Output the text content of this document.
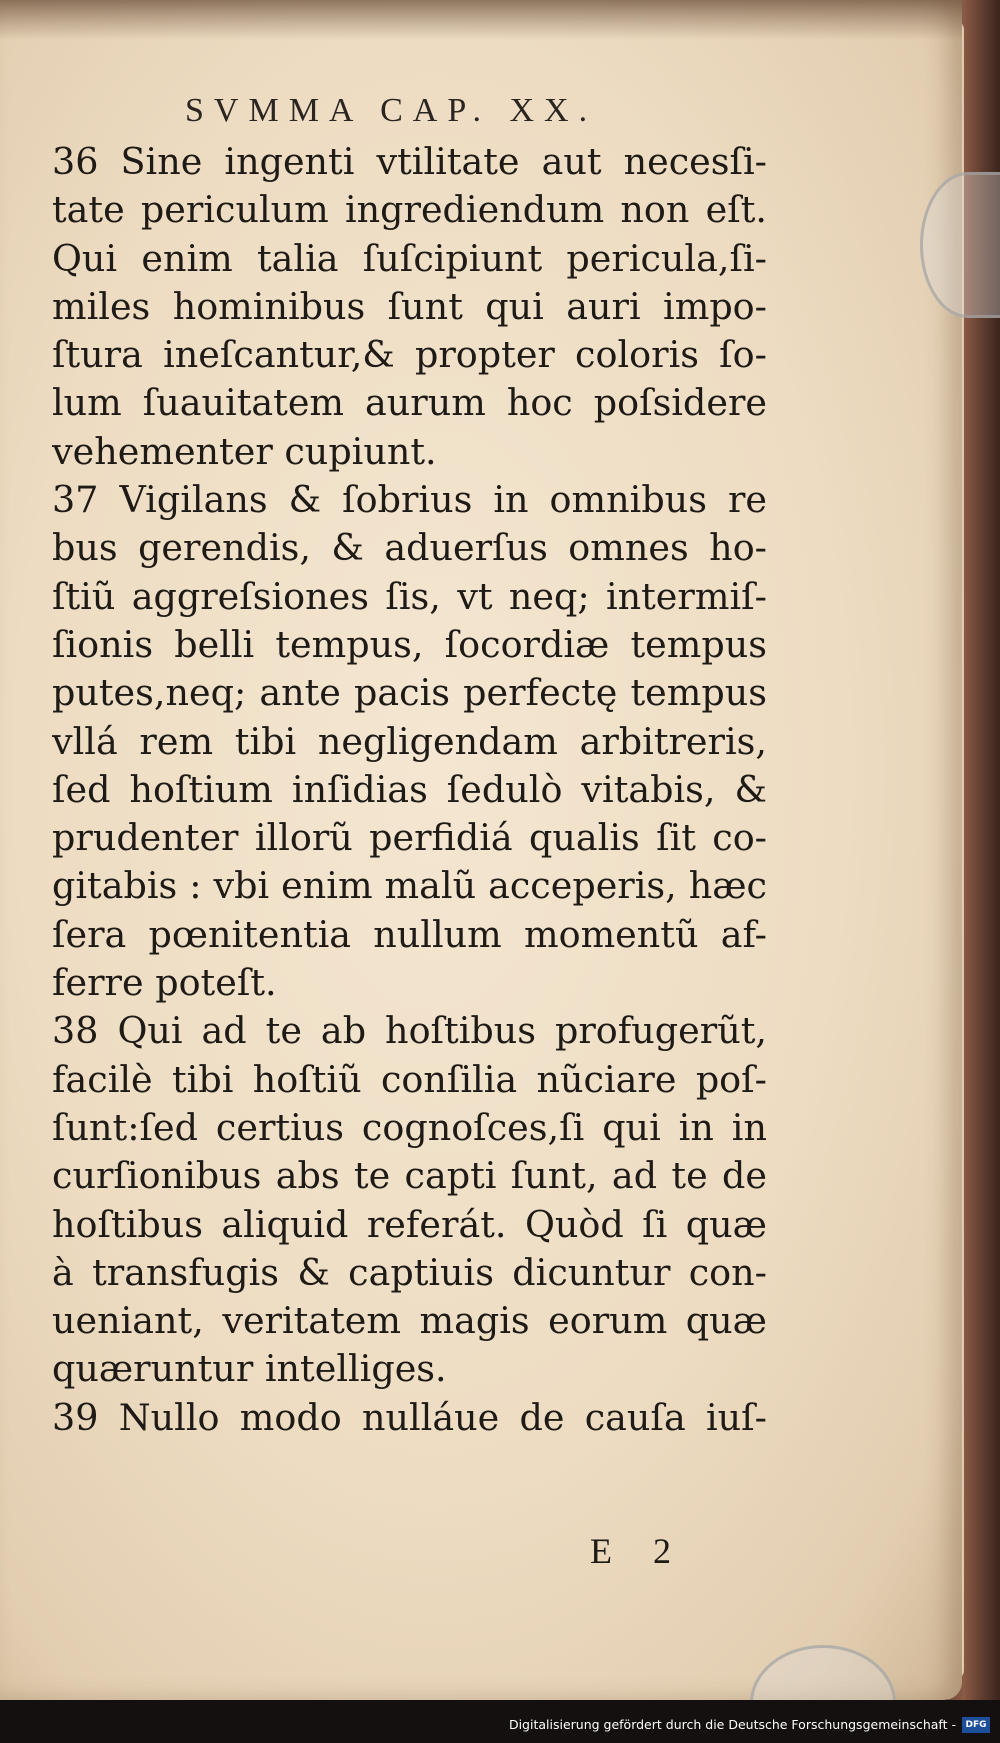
SVMMA CAP. XX.
36 Sine ingenti vtilitate aut necesſi-
tate periculum ingrediendum non eſt.
Qui enim talia ſuſcipiunt pericula,ſi-
miles hominibus ſunt qui auri impo-
ſtura ineſcantur,& propter coloris ſo-
lum ſuauitatem aurum hoc poſsidere
vehementer cupiunt.
37 Vigilans & ſobrius in omnibus re
bus gerendis, & aduerſus omnes ho-
ſtiũ aggreſsiones ſis, vt neq; intermiſ-
ſionis belli tempus, ſocordiæ tempus
putes,neq; ante pacis perfectę tempus
vllá rem tibi negligendam arbitreris,
ſed hoſtium inſidias ſedulò vitabis, &
prudenter illorũ perfidiá qualis ſit co-
gitabis : vbi enim malũ acceperis, hæc
ſera pœnitentia nullum momentũ af-
ferre poteſt.
38 Qui ad te ab hoſtibus profugerũt,
facilè tibi hoſtiũ conſilia nũciare poſ-
ſunt:ſed certius cognoſces,ſi qui in in
curſionibus abs te capti ſunt, ad te de
hoſtibus aliquid referát. Quòd ſi quæ
à transfugis & captiuis dicuntur con-
ueniant, veritatem magis eorum quæ
quæruntur intelliges.
39 Nullo modo nulláue de cauſa iuſ-
E 2
Digitalisierung gefördert durch die Deutsche Forschungsgemeinschaft -	DFG
